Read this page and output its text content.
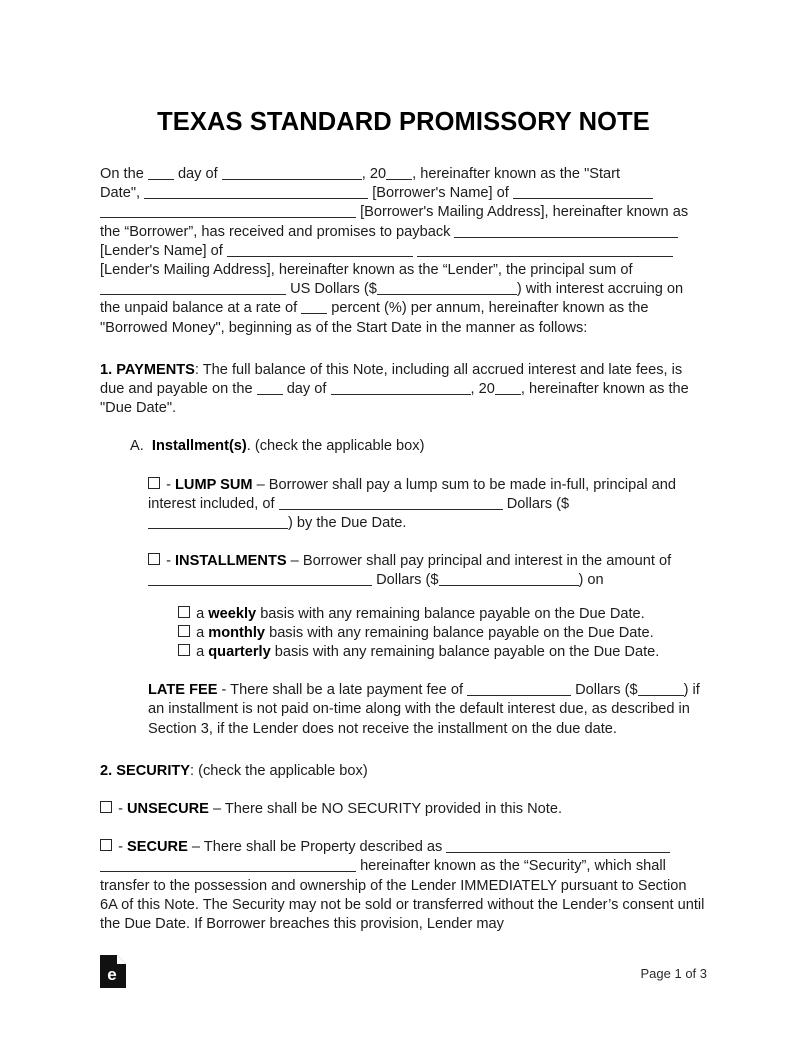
TEXAS STANDARD PROMISSORY NOTE

On the day of	, 20 , hereinafter known as the "Start
Date",	[Borrower's Name] of   [Borrower's Mailing Address], hereinafter known as the “Borrower”, has received and promises to payback  [Lender's Name] of   [Lender's Mailing Address], hereinafter known as the “Lender”, the principal sum of  US Dollars ($	) with interest accruing on the unpaid balance at a rate of percent (%) per annum, hereinafter known as the "Borrowed Money", beginning as of the Start Date in the manner as follows:

1. PAYMENTS: The full balance of this Note, including all accrued interest and late fees, is due and payable on the day of	, 20 , hereinafter known as the "Due Date".

A. Installment(s). (check the applicable box)

- LUMP SUM – Borrower shall pay a lump sum to be made in-full, principal and interest included, of	Dollars ($) by the Due Date.

- INSTALLMENTS – Borrower shall pay principal and interest in the amount of  Dollars ($	) on

a weekly basis with any remaining balance payable on the Due Date.

a monthly basis with any remaining balance payable on the Due Date.

a quarterly basis with any remaining balance payable on the Due Date.

LATE FEE - There shall be a late payment fee of	Dollars ($	) if an installment is not paid on-time along with the default interest due, as described in Section 3, if the Lender does not receive the installment on the due date.

2. SECURITY: (check the applicable box)

- UNSECURE – There shall be NO SECURITY provided in this Note.

- SECURE – There shall be Property described as   hereinafter known as the “Security”, which shall transfer to the possession and ownership of the Lender IMMEDIATELY pursuant to Section 6A of this Note. The Security may not be sold or transferred without the Lender’s consent until the Due Date. If Borrower breaches this provision, Lender may

e	Page 1 of 3
